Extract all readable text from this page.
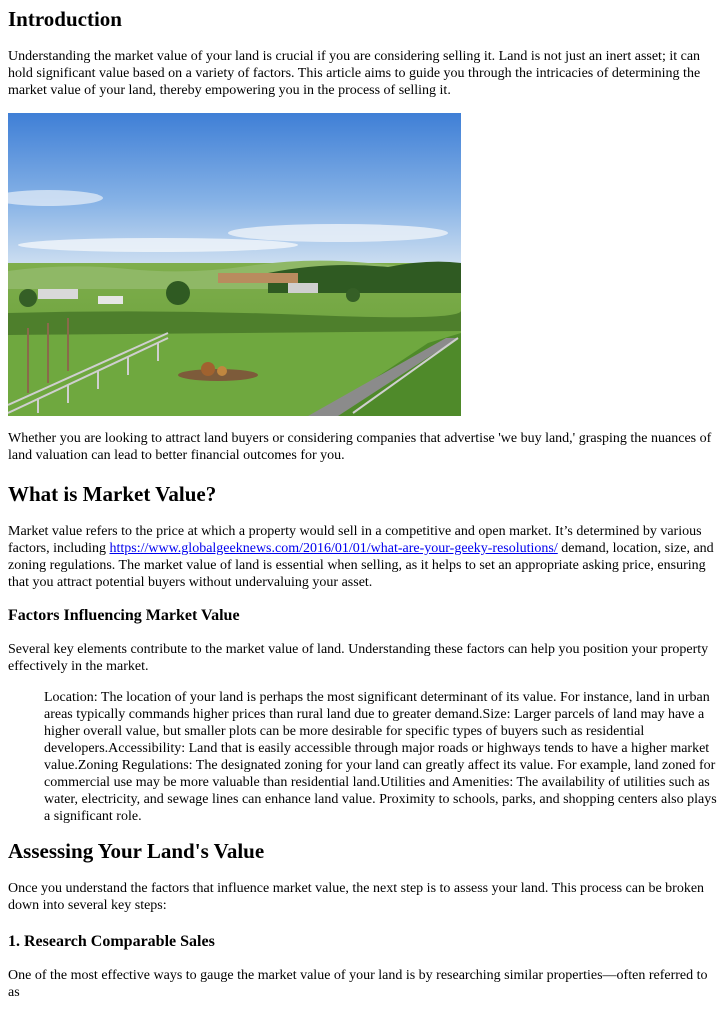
Introduction

Understanding the market value of your land is crucial if you are considering selling it. Land is not just an inert asset; it can hold significant value based on a variety of factors. This article aims to guide you through the intricacies of determining the market value of your land, thereby empowering you in the process of selling it.

Whether you are looking to attract land buyers or considering companies that advertise 'we buy land,' grasping the nuances of land valuation can lead to better financial outcomes for you.

What is Market Value?

Market value refers to the price at which a property would sell in a competitive and open market. It’s determined by various factors, including https://www.globalgeeknews.com/2016/01/01/what-are-your-geeky-resolutions/ demand, location, size, and zoning regulations. The market value of land is essential when selling, as it helps to set an appropriate asking price, ensuring that you attract potential buyers without undervaluing your asset.

Factors Influencing Market Value

Several key elements contribute to the market value of land. Understanding these factors can help you position your property effectively in the market.

Location: The location of your land is perhaps the most significant determinant of its value. For instance, land in urban areas typically commands higher prices than rural land due to greater demand.Size: Larger parcels of land may have a higher overall value, but smaller plots can be more desirable for specific types of buyers such as residential developers.Accessibility: Land that is easily accessible through major roads or highways tends to have a higher market value.Zoning Regulations: The designated zoning for your land can greatly affect its value. For example, land zoned for commercial use may be more valuable than residential land.Utilities and Amenities: The availability of utilities such as water, electricity, and sewage lines can enhance land value. Proximity to schools, parks, and shopping centers also plays a significant role.

Assessing Your Land's Value

Once you understand the factors that influence market value, the next step is to assess your land. This process can be broken down into several key steps:

1. Research Comparable Sales

One of the most effective ways to gauge the market value of your land is by researching similar properties—often referred to as
